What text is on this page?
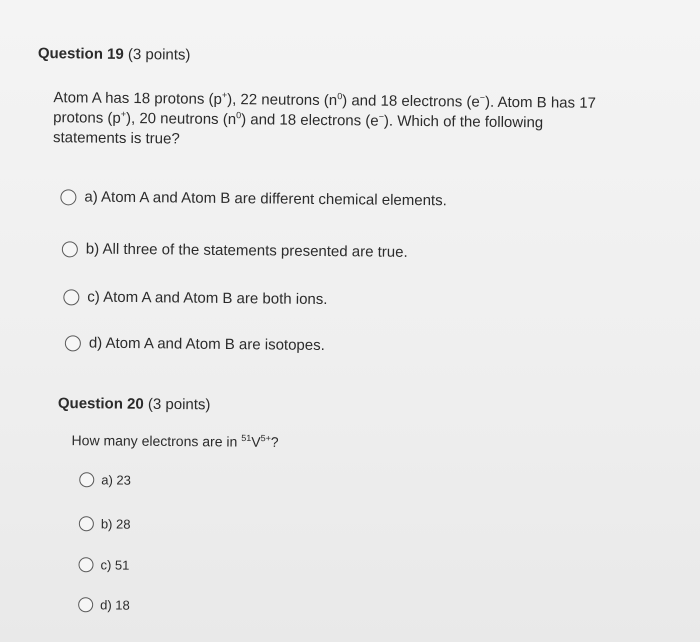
Question 19 (3 points)

Atom A has 18 protons (p+), 22 neutrons $(n^0)$ and 18 electrons (e−). Atom B has 17
protons (p+), 20 neutrons $(n^0)$ and 18 electrons (e−). Which of the following
statements is true?

a) Atom A and Atom B are different chemical elements.
b) All three of the statements presented are true.
c) Atom A and Atom B are both ions.
d) Atom A and Atom B are isotopes.

Question 20 (3 points)

How many electrons are in $^{51}V^{5+}$?

a) 23
b) 28
c) 51
d) 18
